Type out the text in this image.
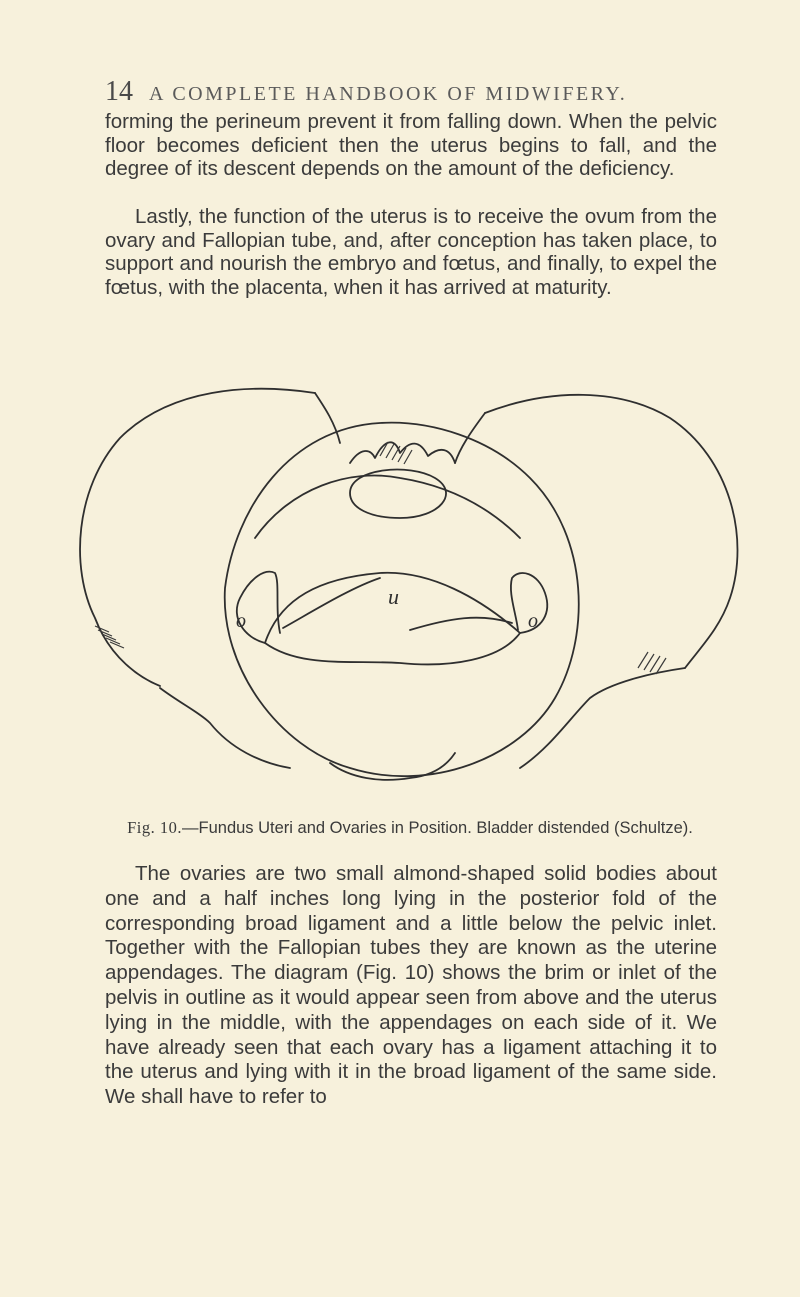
14 A COMPLETE HANDBOOK OF MIDWIFERY.

forming the perineum prevent it from falling down. When the pelvic floor becomes deficient then the uterus begins to fall, and the degree of its descent depends on the amount of the deficiency.

Lastly, the function of the uterus is to receive the ovum from the ovary and Fallopian tube, and, after conception has taken place, to support and nourish the embryo and fœtus, and finally, to expel the fœtus, with the placenta, when it has arrived at maturity.

u
o	o
Fig. 10.—Fundus Uteri and Ovaries in Position. Bladder distended (Schultze).

The ovaries are two small almond-shaped solid bodies about one and a half inches long lying in the posterior fold of the corresponding broad ligament and a little below the pelvic inlet. Together with the Fallopian tubes they are known as the uterine appendages. The diagram (Fig. 10) shows the brim or inlet of the pelvis in outline as it would appear seen from above and the uterus lying in the middle, with the appendages on each side of it. We have already seen that each ovary has a ligament attaching it to the uterus and lying with it in the broad ligament of the same side. We shall have to refer to
